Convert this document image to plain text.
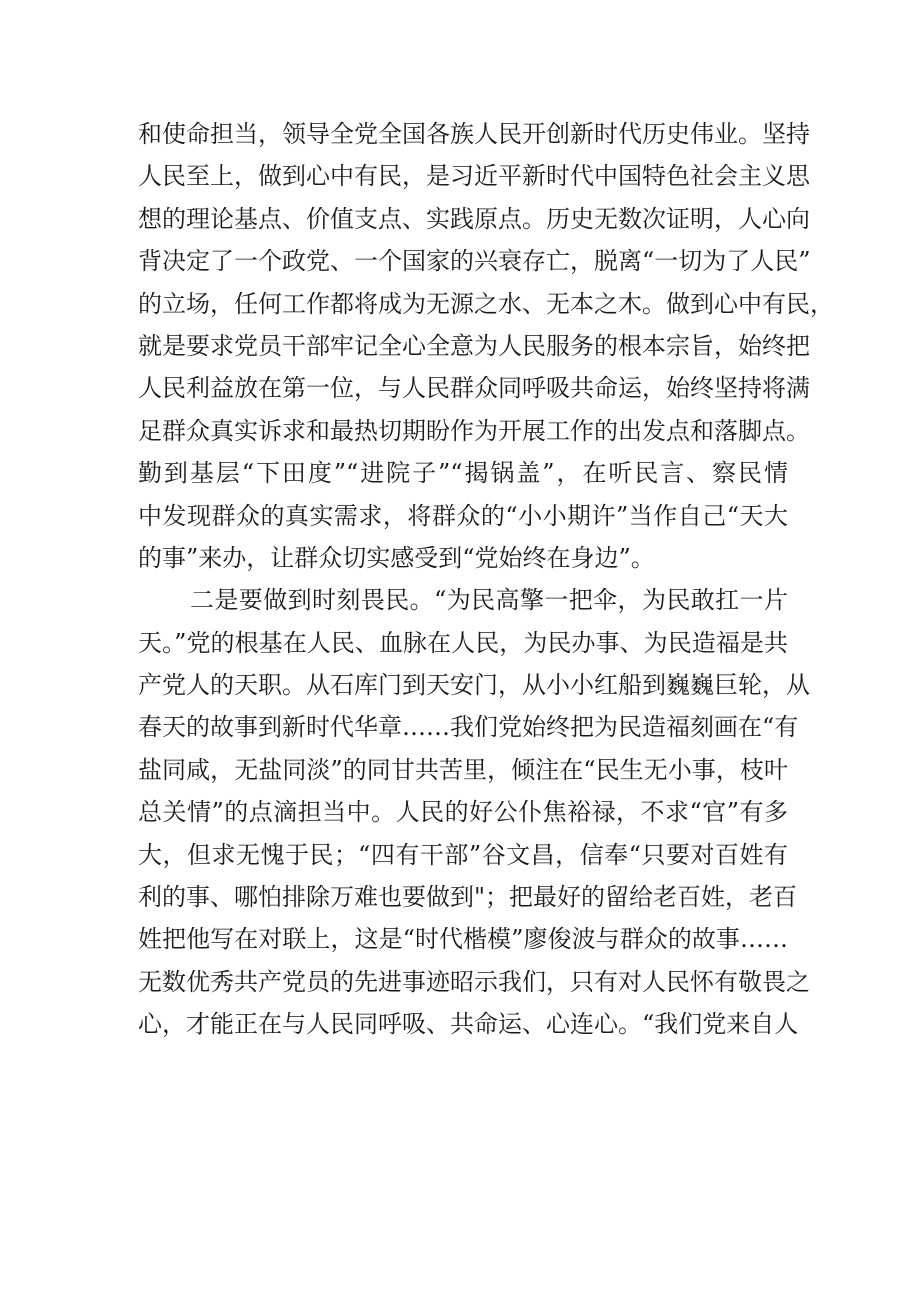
和使命担当，领导全党全国各族人民开创新时代历史伟业。坚持
人民至上，做到心中有民，是习近平新时代中国特色社会主义思
想的理论基点、价值支点、实践原点。历史无数次证明，人心向
背决定了一个政党、一个国家的兴衰存亡，脱离“一切为了人民”
的立场，任何工作都将成为无源之水、无本之木。做到心中有民，
就是要求党员干部牢记全心全意为人民服务的根本宗旨，始终把
人民利益放在第一位，与人民群众同呼吸共命运，始终坚持将满
足群众真实诉求和最热切期盼作为开展工作的出发点和落脚点。
勤到基层“下田度”“进院子”“揭锅盖”，在听民言、察民情
中发现群众的真实需求，将群众的“小小期许”当作自己“天大
的事”来办，让群众切实感受到“党始终在身边”。
二是要做到时刻畏民。“为民高擎一把伞，为民敢扛一片
天。”党的根基在人民、血脉在人民，为民办事、为民造福是共
产党人的天职。从石库门到天安门，从小小红船到巍巍巨轮，从
春天的故事到新时代华章……我们党始终把为民造福刻画在“有
盐同咸，无盐同淡”的同甘共苦里，倾注在“民生无小事，枝叶
总关情”的点滴担当中。人民的好公仆焦裕禄，不求“官”有多
大，但求无愧于民；“四有干部”谷文昌，信奉“只要对百姓有
利的事、哪怕排除万难也要做到"；把最好的留给老百姓，老百
姓把他写在对联上，这是“时代楷模”廖俊波与群众的故事……
无数优秀共产党员的先进事迹昭示我们，只有对人民怀有敬畏之
心，才能正在与人民同呼吸、共命运、心连心。“我们党来自人
